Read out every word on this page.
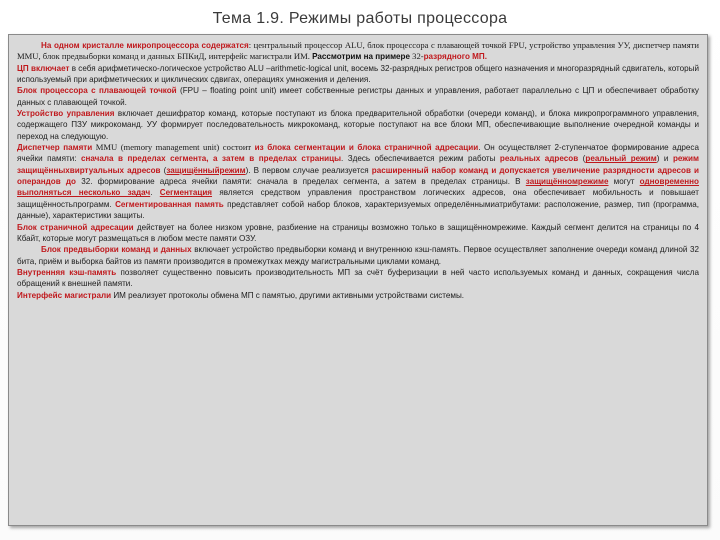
Тема 1.9. Режимы работы процессора

На одном кристалле микропроцессора содержатся: центральный процессор ALU, блок процессора с плавающей точкой FPU, устройство управления УУ, диспетчер памяти MMU, блок предвыборки команд и данных БПКиД, интерфейс магистрали ИМ. Рассмотрим на примере 32-разрядного МП.

ЦП включает в себя арифметическо-логическое устройство ALU –arithmetic-logical unit, восемь 32-разрядных регистров общего назначения и многоразрядный сдвигатель, который используемый при арифметических и циклических сдвигах, операциях умножения и деления.

Блок процессора с плавающей точкой (FPU – floating point unit) имеет собственные регистры данных и управления, работает параллельно с ЦП и обеспечивает обработку данных с плавающей точкой.

Устройство управления включает дешифратор команд, которые поступают из блока предварительной обработки (очереди команд), и блока микропрограммного управления, содержащего ПЗУ микрокоманд. УУ формирует последовательность микрокоманд, которые поступают на все блоки МП, обеспечивающие выполнение очередной команды и переход на следующую.

Диспетчер памяти MMU (memory management unit) состоит из блока сегментации и блока страничной адресации. Он осуществляет 2-ступенчатое формирование адреса ячейки памяти: сначала в пределах сегмента, а затем в пределах страницы. Здесь обеспечивается режим работы реальных адресов (реальный режим) и режим защищённыхвиртуальных адресов (защищённыйрежим). В первом случае реализуется расширенный набор команд и допускается увеличение разрядности адресов и операндов до 32. формирование адреса ячейки памяти: сначала в пределах сегмента, а затем в пределах страницы. В защищённомрежиме могут одновременно выполняться несколько задач. Сегментация является средством управления пространством логических адресов, она обеспечивает мобильность и повышает защищённостьпрограмм. Сегментированная память представляет собой набор блоков, характеризуемых определённымиатрибутами: расположение, размер, тип (программа, данные), характеристики защиты.

Блок страничной адресации действует на более низком уровне, разбиение на страницы возможно только в защищённомрежиме. Каждый сегмент делится на страницы по 4 Кбайт, которые могут размещаться в любом месте памяти ОЗУ.

Блок предвыборки команд и данных включает устройство предвыборки команд и внутреннюю кэш-память. Первое осуществляет заполнение очереди команд длиной 32 бита, приём и выборка байтов из памяти производится в промежутках между магистральными циклами команд.

Внутренняя кэш-память позволяет существенно повысить производительность МП за счёт буферизации в ней часто используемых команд и данных, сокращения числа обращений к внешней памяти.

Интерфейс магистрали ИМ реализует протоколы обмена МП с памятью, другими активными устройствами системы.
